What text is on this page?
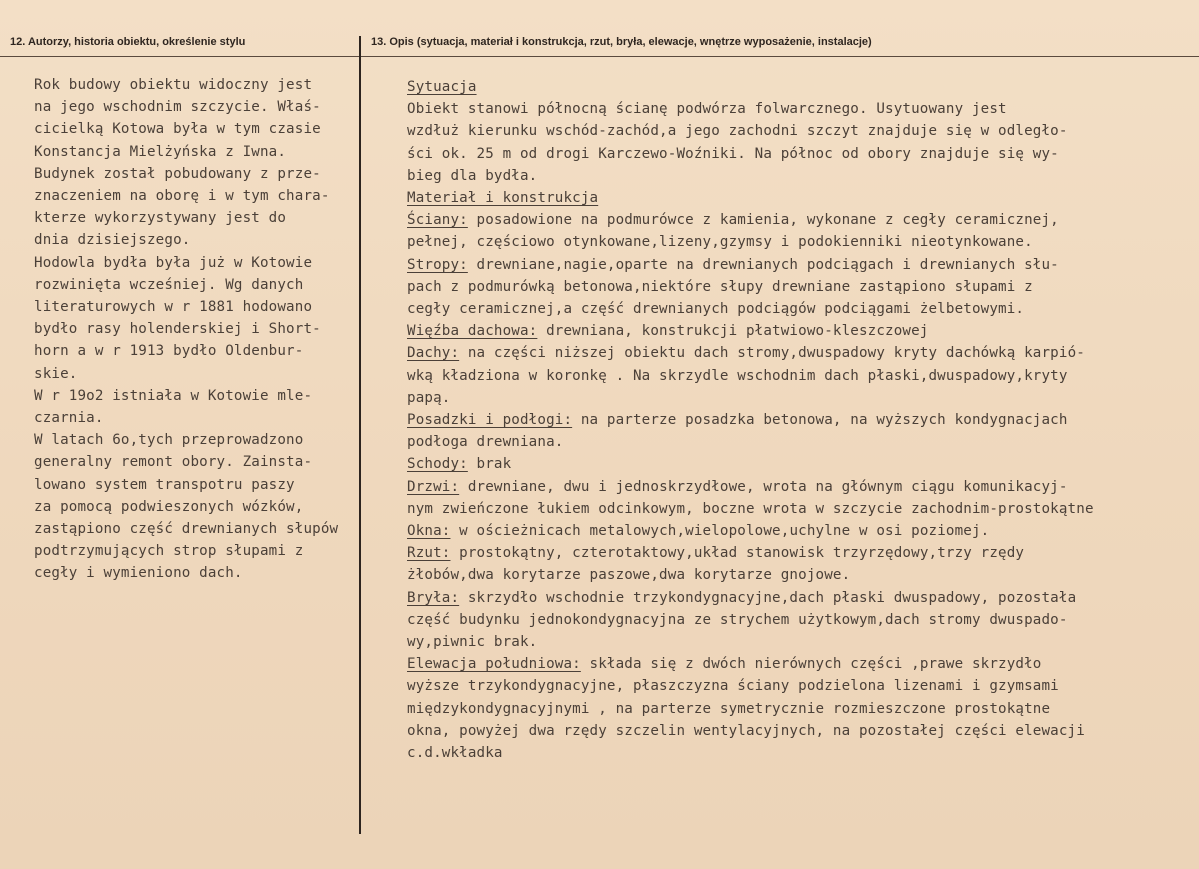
12. Autorzy, historia obiektu, określenie stylu	13. Opis (sytuacja, materiał i konstrukcja, rzut, bryła, elewacje, wnętrze wyposażenie, instalacje)
Rok budowy obiektu widoczny jest
na jego wschodnim szczycie. Właś-
cicielką Kotowa była w tym czasie
Konstancja Mielżyńska z Iwna.
Budynek został pobudowany z prze-
znaczeniem na oborę i w tym chara-
kterze wykorzystywany jest do
dnia dzisiejszego.
Hodowla bydła była już w Kotowie
rozwinięta wcześniej. Wg danych
literaturowych w r 1881 hodowano
bydło rasy holenderskiej i Short-
horn a w r 1913 bydło Oldenbur-
skie.
W r 19o2 istniała w Kotowie mle-
czarnia.
W latach 6o,tych przeprowadzono
generalny remont obory. Zainsta-
lowano system transpotru paszy
za pomocą podwieszonych wózków,
zastąpiono część drewnianych słupów
podtrzymujących strop słupami z
cegły i wymieniono dach.
Sytuacja
Obiekt stanowi północną ścianę podwórza folwarcznego. Usytuowany jest
wzdłuż kierunku wschód-zachód,a jego zachodni szczyt znajduje się w odległo-
ści ok. 25 m od drogi Karczewo-Woźniki. Na północ od obory znajduje się wy-
bieg dla bydła.
Materiał i konstrukcja
Ściany: posadowione na podmurówce z kamienia, wykonane z cegły ceramicznej,
pełnej, częściowo otynkowane,lizeny,gzymsy i podokienniki nieotynkowane.
Stropy: drewniane,nagie,oparte na drewnianych podciągach i drewnianych słu-
pach z podmurówką betonowa,niektóre słupy drewniane zastąpiono słupami z
cegły ceramicznej,a część drewnianych podciągów podciągami żelbetowymi.
Więźba dachowa: drewniana, konstrukcji płatwiowo-kleszczowej
Dachy: na części niższej obiektu dach stromy,dwuspadowy kryty dachówką karpió-
wką kładziona w koronkę . Na skrzydle wschodnim dach płaski,dwuspadowy,kryty
papą.
Posadzki i podłogi: na parterze posadzka betonowa, na wyższych kondygnacjach
podłoga drewniana.
Schody: brak
Drzwi: drewniane, dwu i jednoskrzydłowe, wrota na głównym ciągu komunikacyj-
nym zwieńczone łukiem odcinkowym, boczne wrota w szczycie zachodnim-prostokątne
Okna: w ościeżnicach metalowych,wielopolowe,uchylne w osi poziomej.
Rzut: prostokątny, czterotaktowy,układ stanowisk trzyrzędowy,trzy rzędy
żłobów,dwa korytarze paszowe,dwa korytarze gnojowe.
Bryła: skrzydło wschodnie trzykondygnacyjne,dach płaski dwuspadowy, pozostała
część budynku jednokondygnacyjna ze strychem użytkowym,dach stromy dwuspado-
wy,piwnic brak.
Elewacja południowa: składa się z dwóch nierównych części ,prawe skrzydło
wyższe trzykondygnacyjne, płaszczyzna ściany podzielona lizenami i gzymsami
międzykondygnacyjnymi , na parterze symetrycznie rozmieszczone prostokątne
okna, powyżej dwa rzędy szczelin wentylacyjnych, na pozostałej części elewacji
c.d.wkładka
